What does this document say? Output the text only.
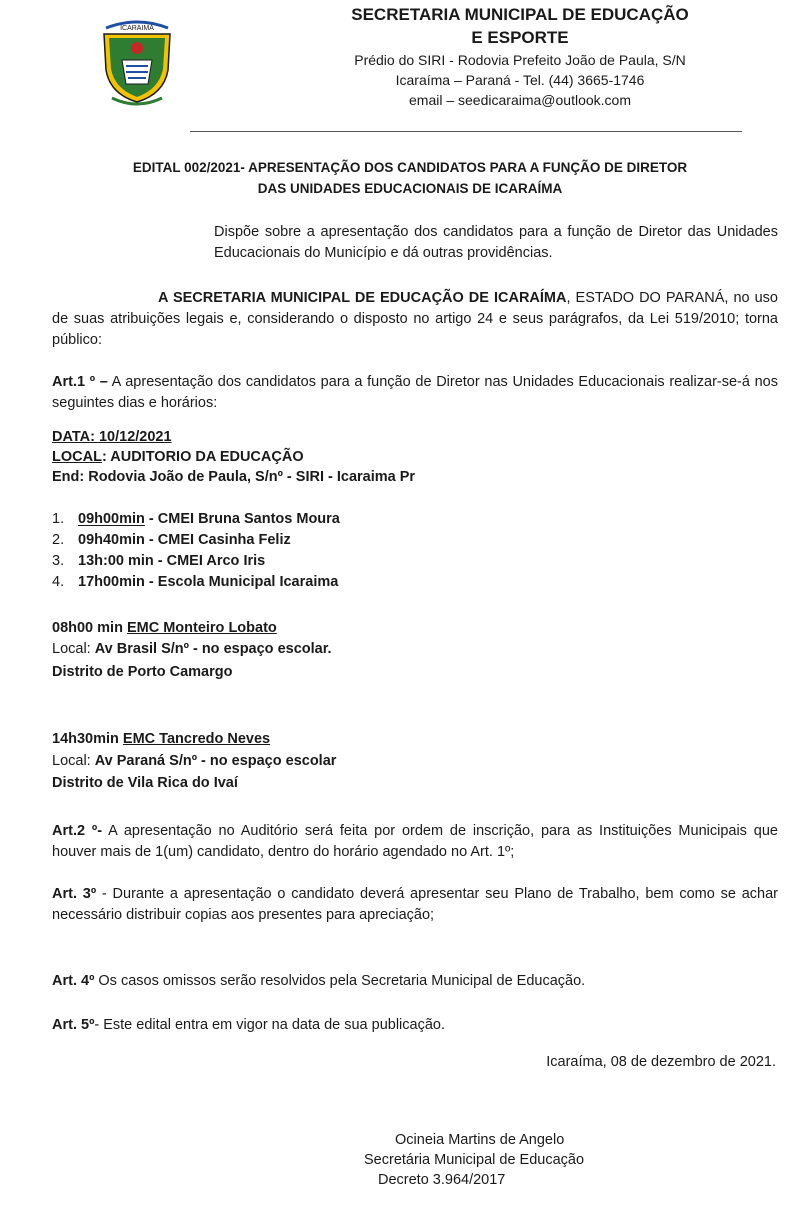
ICARAIMA
SECRETARIA MUNICIPAL DE EDUCAÇÃO
E ESPORTE
Prédio do SIRI - Rodovia Prefeito João de Paula, S/N
Icaraíma – Paraná - Tel. (44) 3665-1746
email – seedicaraima@outlook.com
EDITAL 002/2021- APRESENTAÇÃO DOS CANDIDATOS PARA A FUNÇÃO DE DIRETOR
DAS UNIDADES EDUCACIONAIS DE ICARAÍMA

Dispõe sobre a apresentação dos candidatos para a função de Diretor das Unidades Educacionais do Município e dá outras providências.

A SECRETARIA MUNICIPAL DE EDUCAÇÃO DE ICARAÍMA, ESTADO DO PARANÁ, no uso de suas atribuições legais e, considerando o disposto no artigo 24 e seus parágrafos, da Lei 519/2010; torna público:

Art.1 º – A apresentação dos candidatos para a função de Diretor nas Unidades Educacionais realizar-se-á nos seguintes dias e horários:

DATA: 10/12/2021
LOCAL: AUDITORIO DA EDUCAÇÃO
End: Rodovia João de Paula, S/nº - SIRI - Icaraima Pr
1. 09h00min - CMEI Bruna Santos Moura
2. 09h40min - CMEI Casinha Feliz
3. 13h:00 min - CMEI Arco Iris
4. 17h00min - Escola Municipal Icaraima
08h00 min EMC Monteiro Lobato
Local: Av Brasil S/nº - no espaço escolar.
Distrito de Porto Camargo
14h30min EMC Tancredo Neves
Local: Av Paraná S/nº - no espaço escolar
Distrito de Vila Rica do Ivaí

Art.2 º- A apresentação no Auditório será feita por ordem de inscrição, para as Instituições Municipais que houver mais de 1(um) candidato, dentro do horário agendado no Art. 1º;

Art. 3º - Durante a apresentação o candidato deverá apresentar seu Plano de Trabalho, bem como se achar necessário distribuir copias aos presentes para apreciação;

Art. 4º Os casos omissos serão resolvidos pela Secretaria Municipal de Educação.

Art. 5º- Este edital entra em vigor na data de sua publicação.

Icaraíma, 08 de dezembro de 2021.
Ocineia Martins de Angelo
Secretária Municipal de Educação
Decreto 3.964/2017
